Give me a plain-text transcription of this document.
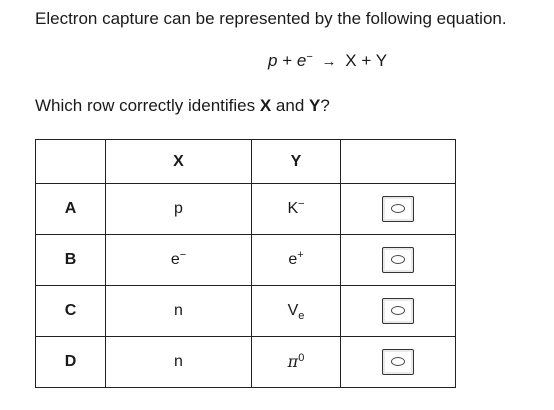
Electron capture can be represented by the following equation.
p + e− → X + Y
Which row correctly identifies X and Y?
	X	Y	
A	p	K−	

B	e−	e+	

C	n	$V_e$	

D	n	$\pi^0$	
